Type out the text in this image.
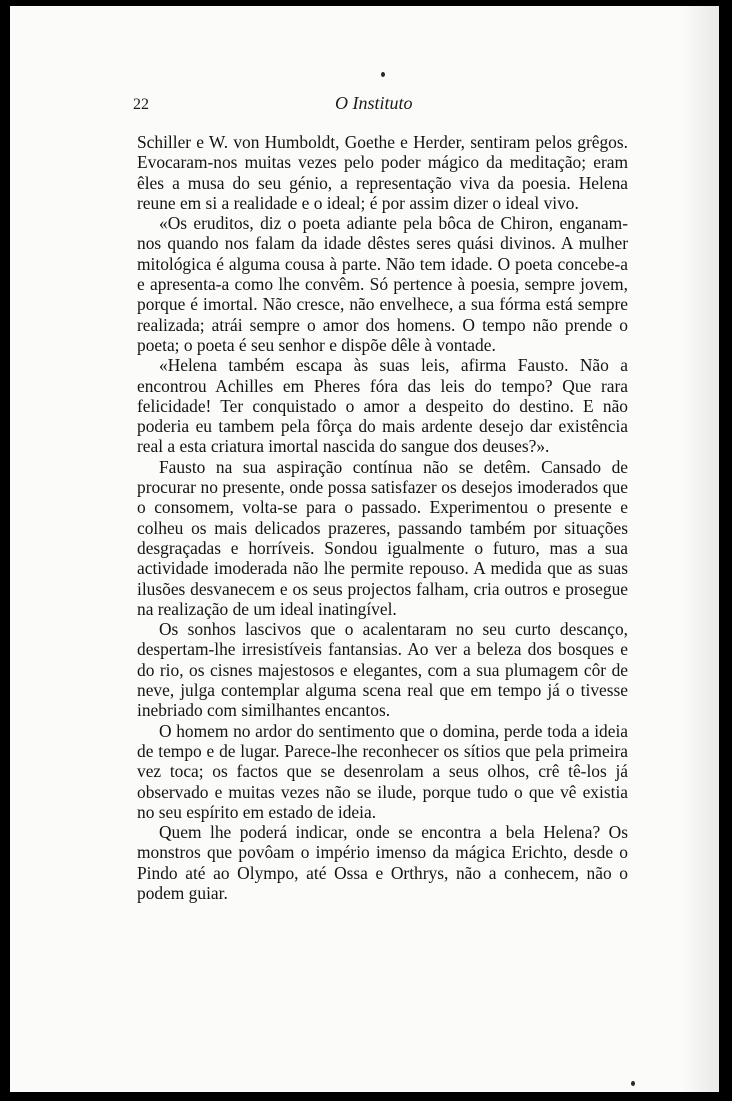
22	O Instituto

Schiller e W. von Humboldt, Goethe e Herder, sentiram pelos grêgos. Evocaram-nos muitas vezes pelo poder mágico da meditação; eram êles a musa do seu génio, a representação viva da poesia. Helena reune em si a realidade e o ideal; é por assim dizer o ideal vivo.

«Os eruditos, diz o poeta adiante pela bôca de Chiron, enganam-nos quando nos falam da idade dêstes seres quási divinos. A mulher mitológica é alguma cousa à parte. Não tem idade. O poeta concebe-a e apresenta-a como lhe convêm. Só pertence à poesia, sempre jovem, porque é imortal. Não cresce, não envelhece, a sua fórma está sempre realizada; atrái sempre o amor dos homens. O tempo não prende o poeta; o poeta é seu senhor e dispõe dêle à vontade.

«Helena também escapa às suas leis, afirma Fausto. Não a encontrou Achilles em Pheres fóra das leis do tempo? Que rara felicidade! Ter conquistado o amor a despeito do destino. E não poderia eu tambem pela fôrça do mais ardente desejo dar existência real a esta criatura imortal nascida do sangue dos deuses?».

Fausto na sua aspiração contínua não se detêm. Cansado de procurar no presente, onde possa satisfazer os desejos imoderados que o consomem, volta-se para o passado. Experimentou o presente e colheu os mais delicados prazeres, passando também por situações desgraçadas e horríveis. Sondou igualmente o futuro, mas a sua actividade imoderada não lhe permite repouso. A medida que as suas ilusões desvanecem e os seus projectos falham, cria outros e prosegue na realização de um ideal inatingível.

Os sonhos lascivos que o acalentaram no seu curto descanço, despertam-lhe irresistíveis fantansias. Ao ver a beleza dos bosques e do rio, os cisnes majestosos e elegantes, com a sua plumagem côr de neve, julga contemplar alguma scena real que em tempo já o tivesse inebriado com similhantes encantos.

O homem no ardor do sentimento que o domina, perde toda a ideia de tempo e de lugar. Parece-lhe reconhecer os sítios que pela primeira vez toca; os factos que se desenrolam a seus olhos, crê tê-los já observado e muitas vezes não se ilude, porque tudo o que vê existia no seu espírito em estado de ideia.

Quem lhe poderá indicar, onde se encontra a bela Helena? Os monstros que povôam o império imenso da mágica Erichto, desde o Pindo até ao Olympo, até Ossa e Orthrys, não a conhecem, não o podem guiar.
